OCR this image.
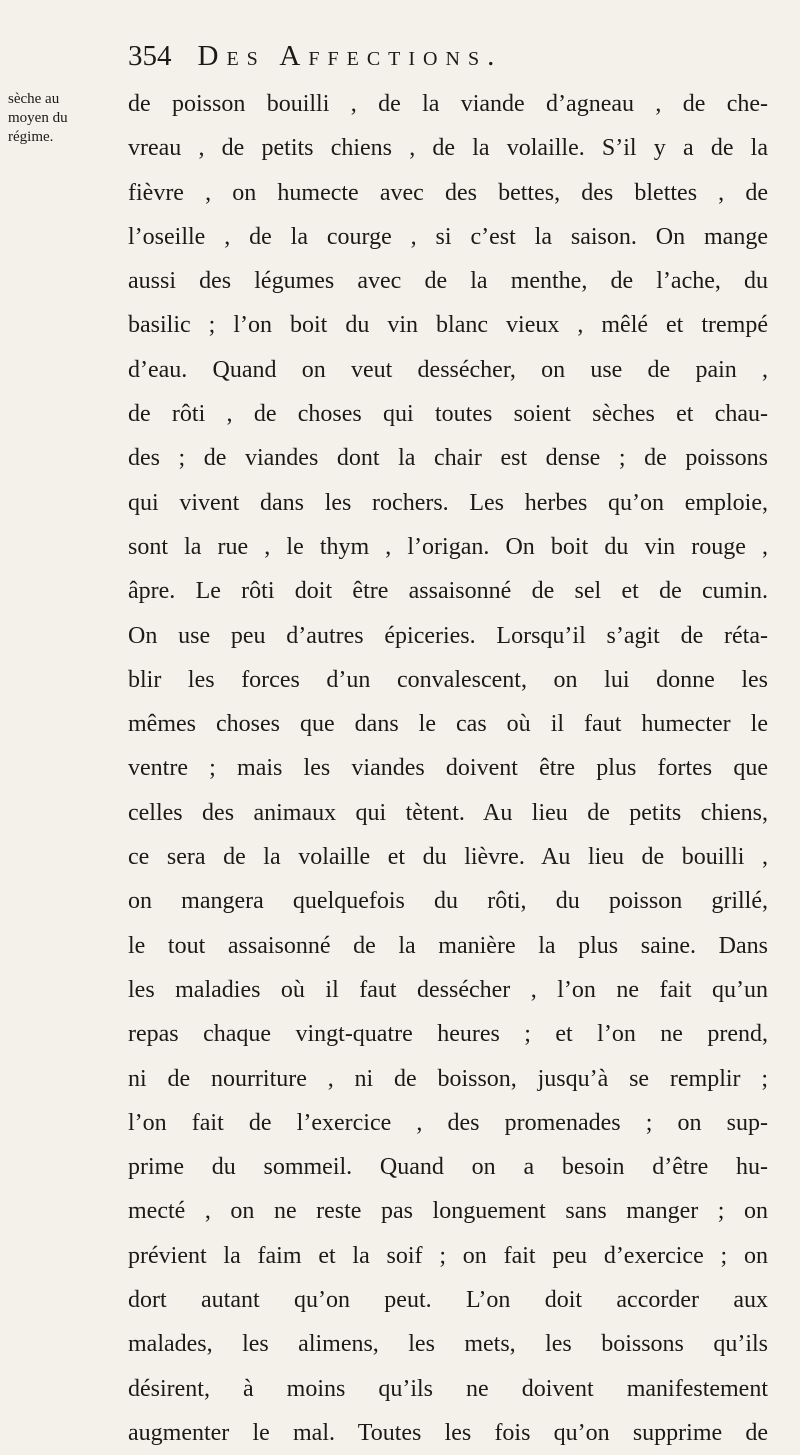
354 Des Affections.
sèche au
moyen du
régime.
de poisson bouilli , de la viande d’agneau , de che-
vreau , de petits chiens , de la volaille. S’il y a de la
fièvre , on humecte avec des bettes, des blettes , de
l’oseille , de la courge , si c’est la saison. On mange
aussi des légumes avec de la menthe, de l’ache, du
basilic ; l’on boit du vin blanc vieux , mêlé et trempé
d’eau. Quand on veut dessécher, on use de pain ,
de rôti , de choses qui toutes soient sèches et chau-
des ; de viandes dont la chair est dense ; de poissons
qui vivent dans les rochers. Les herbes qu’on emploie,
sont la rue , le thym , l’origan. On boit du vin rouge ,
âpre. Le rôti doit être assaisonné de sel et de cumin.
On use peu d’autres épiceries. Lorsqu’il s’agit de réta-
blir les forces d’un convalescent, on lui donne les
mêmes choses que dans le cas où il faut humecter le
ventre ; mais les viandes doivent être plus fortes que
celles des animaux qui tètent. Au lieu de petits chiens,
ce sera de la volaille et du lièvre. Au lieu de bouilli ,
on mangera quelquefois du rôti, du poisson grillé,
le tout assaisonné de la manière la plus saine. Dans
les maladies où il faut dessécher , l’on ne fait qu’un
repas chaque vingt-quatre heures ; et l’on ne prend,
ni de nourriture , ni de boisson, jusqu’à se remplir ;
l’on fait de l’exercice , des promenades ; on sup-
prime du sommeil. Quand on a besoin d’être hu-
mecté , on ne reste pas longuement sans manger ; on
prévient la faim et la soif ; on fait peu d’exercice ; on
dort autant qu’on peut. L’on doit accorder aux
malades, les alimens, les mets, les boissons qu’ils
désirent, à moins qu’ils ne doivent manifestement
augmenter le mal. Toutes les fois qu’on supprime de
